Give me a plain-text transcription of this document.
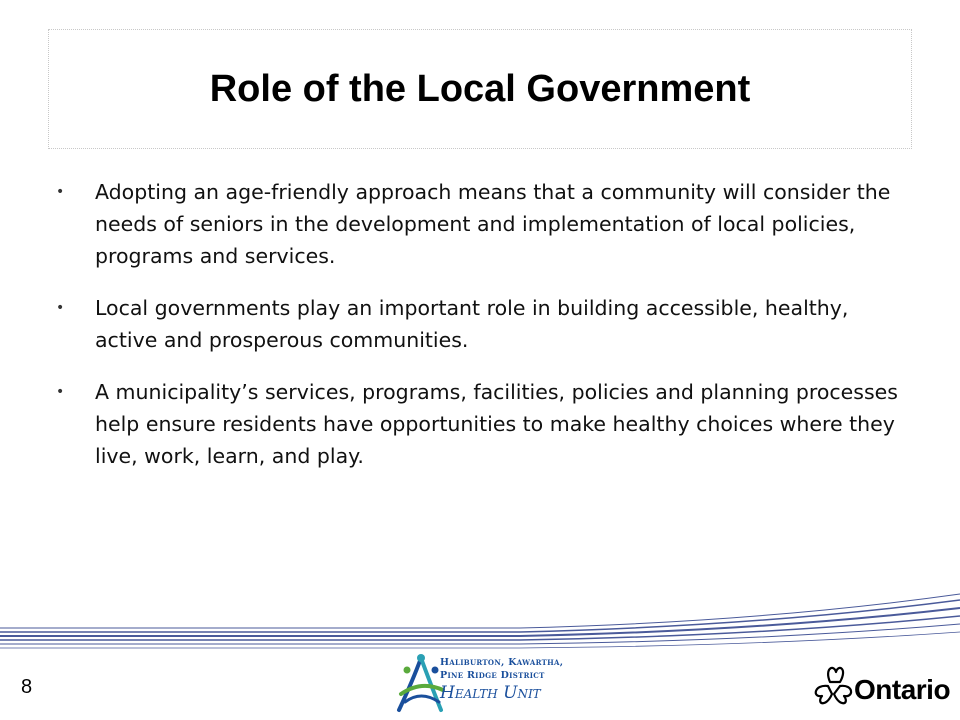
Role of the Local Government
• Adopting an age-friendly approach means that a community will consider the needs of seniors in the development and implementation of local policies, programs and services.
• Local governments play an important role in building accessible, healthy, active and prosperous communities.
• A municipality’s services, programs, facilities, policies and planning processes help ensure residents have opportunities to make healthy choices where they live, work, learn, and play.
8
Haliburton, Kawartha,
Pine Ridge District
Health Unit	Ontario
